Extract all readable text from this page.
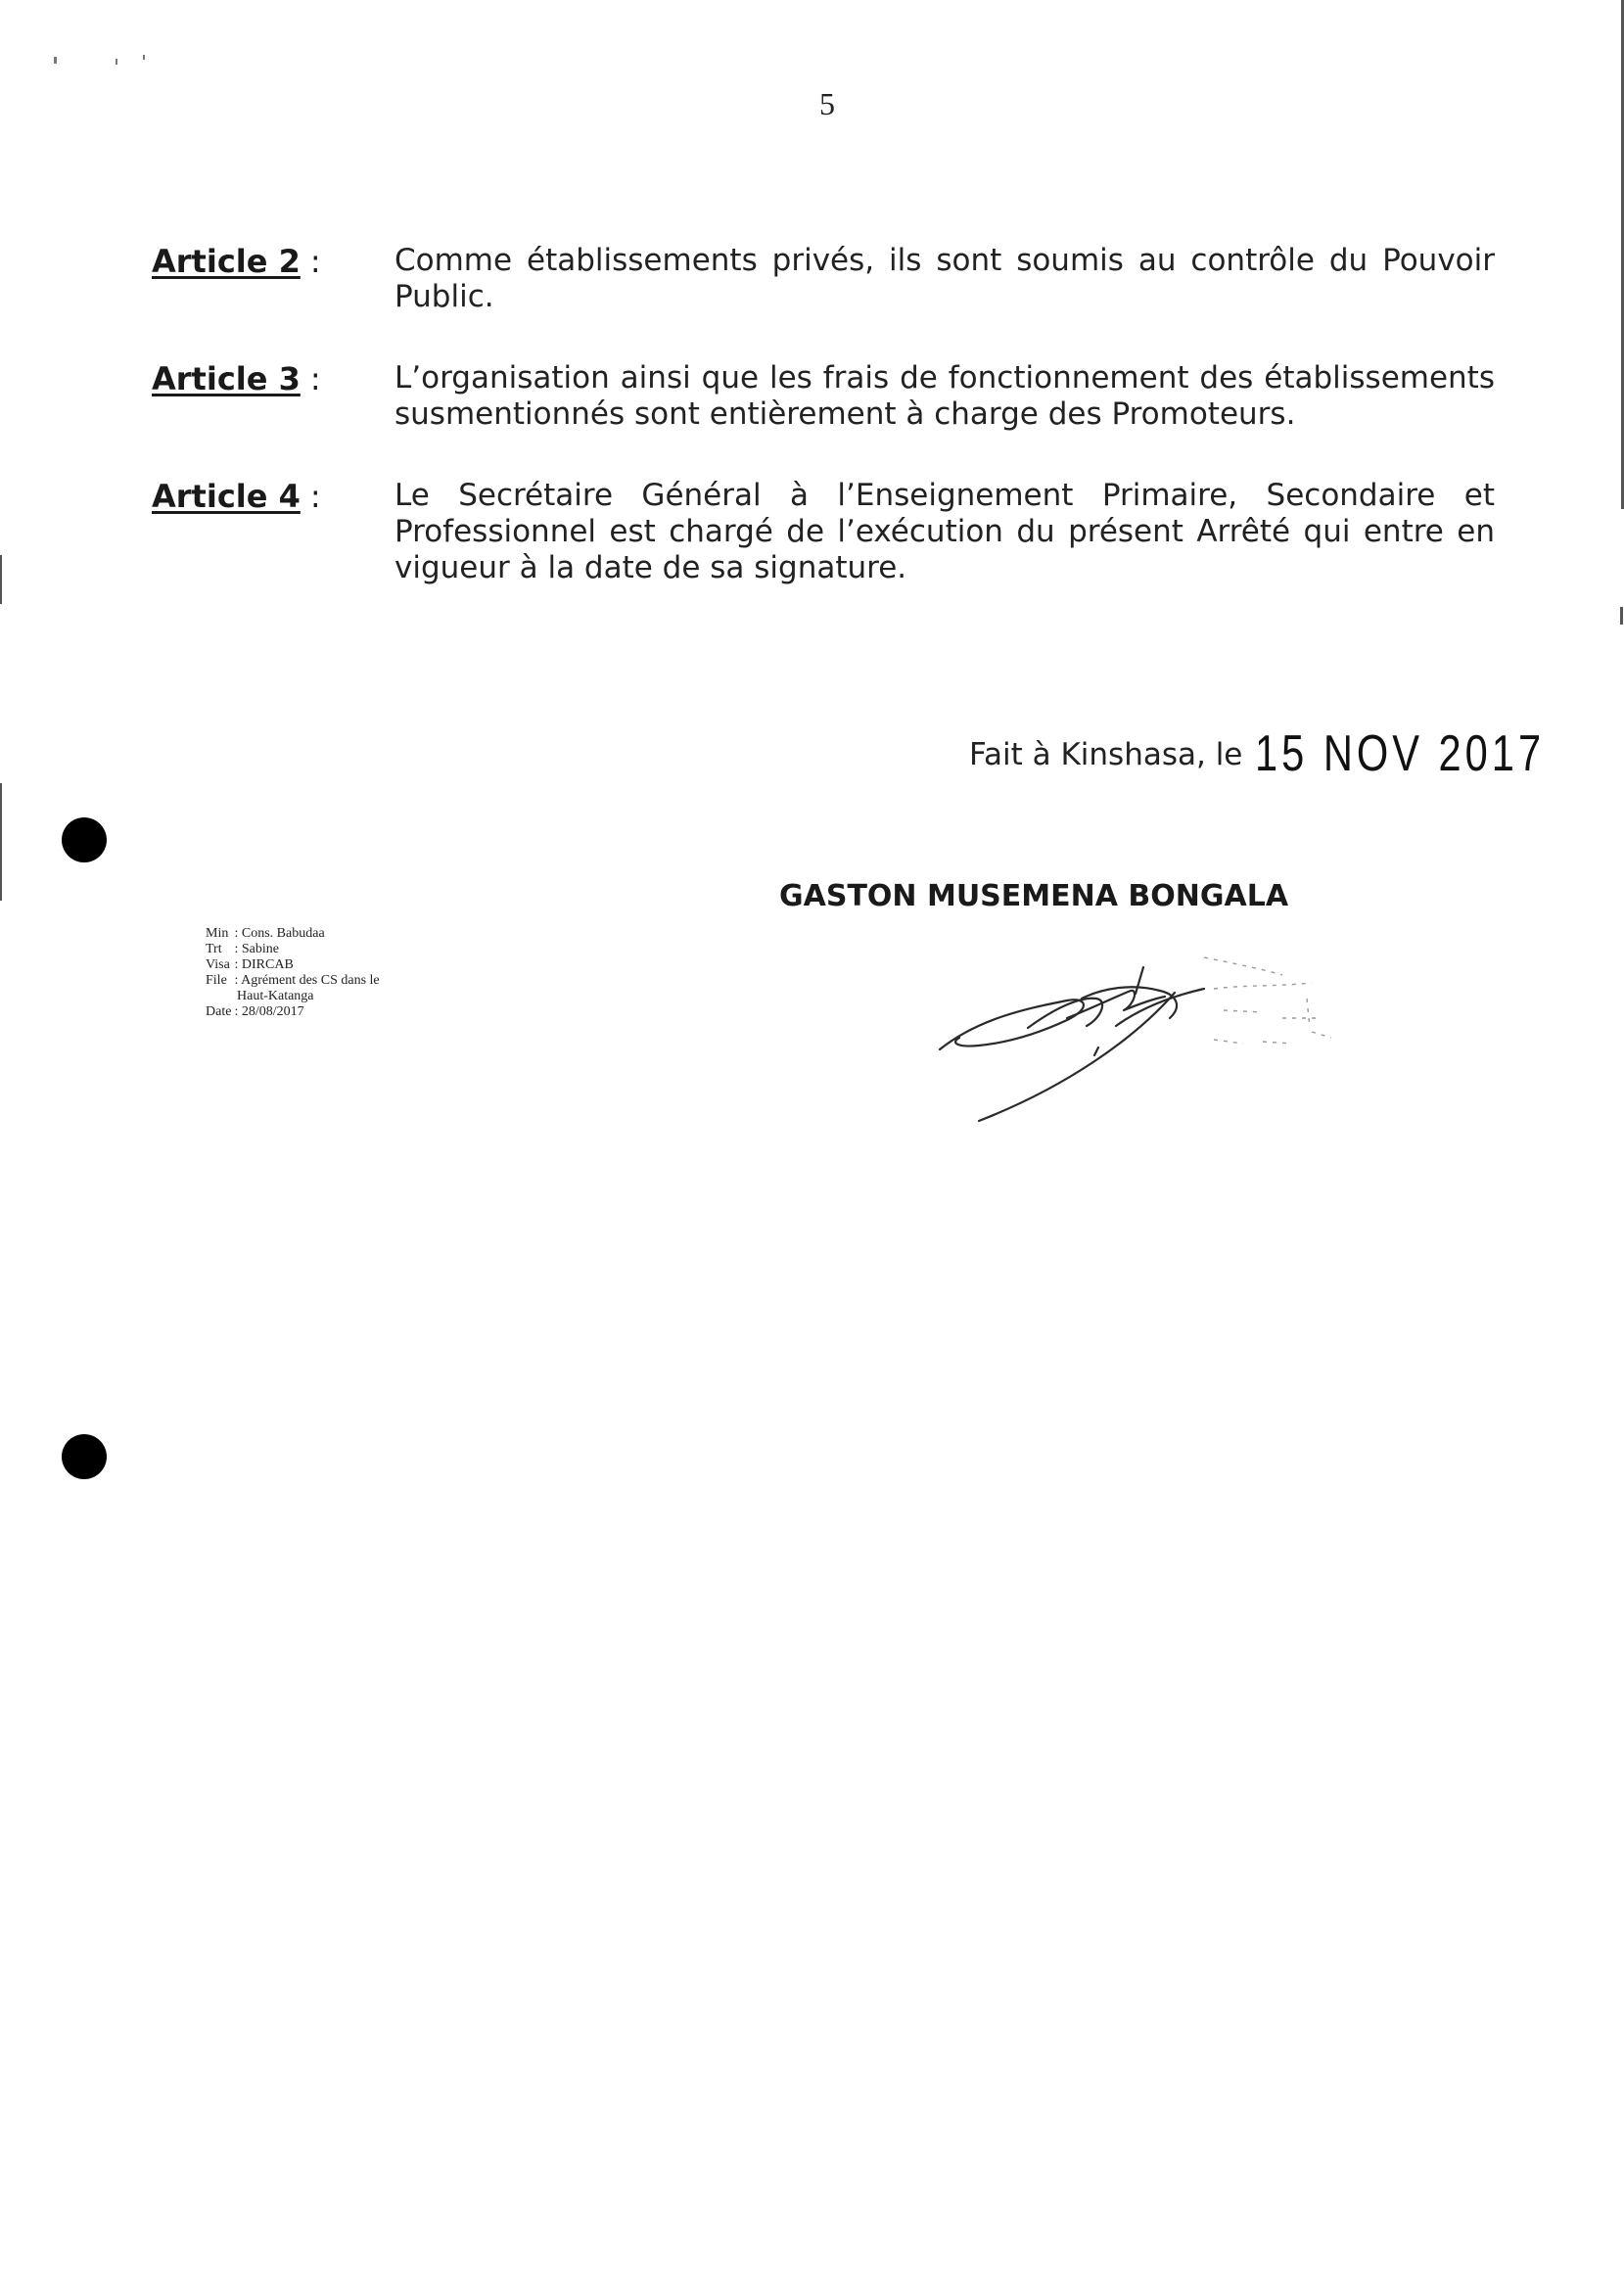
5
Article 2 : Comme établissements privés, ils sont soumis au contrôle du Pouvoir Public.
Article 3 : L’organisation ainsi que les frais de fonctionnement des établissements susmentionnés sont entièrement à charge des Promoteurs.
Article 4 : Le Secrétaire Général à l’Enseignement Primaire, Secondaire et Professionnel est chargé de l’exécution du présent Arrêté qui entre en vigueur à la date de sa signature.
Fait à Kinshasa, le 15 NOV 2017
GASTON MUSEMENA BONGALA
Min : Cons. Babudaa
Trt : Sabine
Visa : DIRCAB
File : Agrément des CS dans le
Haut-Katanga
Date : 28/08/2017
